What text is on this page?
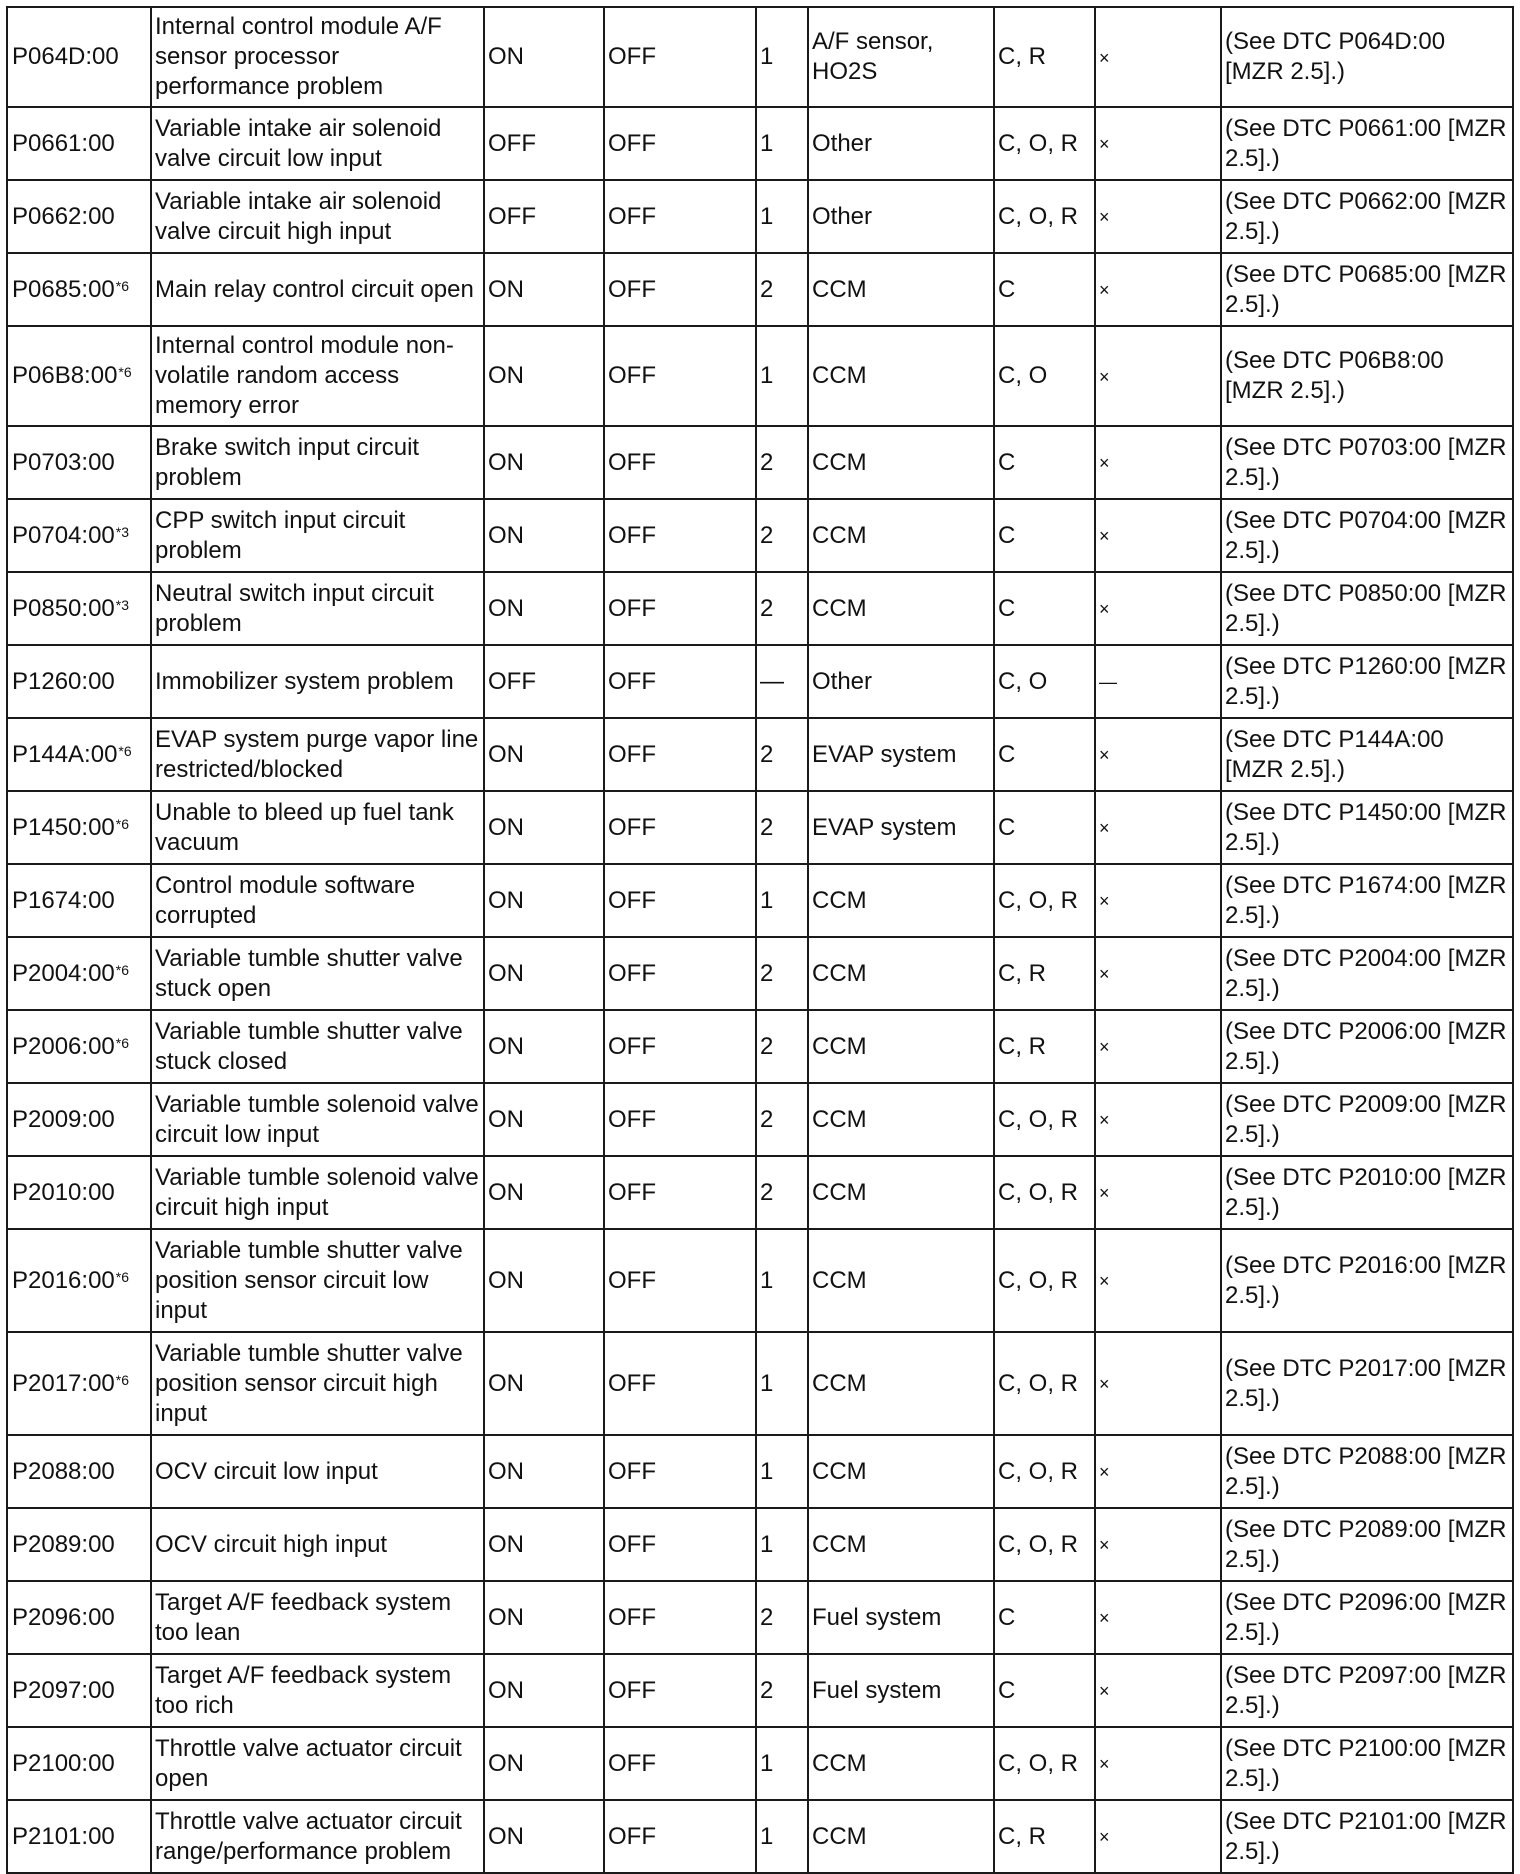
P064D:00	Internal control module A/F sensor processor performance problem	ON	OFF	1	A/F sensor, HO2S	C, R	×	(See DTC P064D:00 [MZR 2.5].)
P0661:00	Variable intake air solenoid valve circuit low input	OFF	OFF	1	Other	C, O, R	×	(See DTC P0661:00 [MZR 2.5].)
P0662:00	Variable intake air solenoid valve circuit high input	OFF	OFF	1	Other	C, O, R	×	(See DTC P0662:00 [MZR 2.5].)
P0685:00$^{*6}$	Main relay control circuit open	ON	OFF	2	CCM	C	×	(See DTC P0685:00 [MZR 2.5].)
P06B8:00$^{*6}$	Internal control module non-volatile random access memory error	ON	OFF	1	CCM	C, O	×	(See DTC P06B8:00 [MZR 2.5].)
P0703:00	Brake switch input circuit problem	ON	OFF	2	CCM	C	×	(See DTC P0703:00 [MZR 2.5].)
P0704:00$^{*3}$	CPP switch input circuit problem	ON	OFF	2	CCM	C	×	(See DTC P0704:00 [MZR 2.5].)
P0850:00$^{*3}$	Neutral switch input circuit problem	ON	OFF	2	CCM	C	×	(See DTC P0850:00 [MZR 2.5].)
P1260:00	Immobilizer system problem	OFF	OFF	—	Other	C, O	—	(See DTC P1260:00 [MZR 2.5].)
P144A:00$^{*6}$	EVAP system purge vapor line restricted/blocked	ON	OFF	2	EVAP system	C	×	(See DTC P144A:00 [MZR 2.5].)
P1450:00$^{*6}$	Unable to bleed up fuel tank vacuum	ON	OFF	2	EVAP system	C	×	(See DTC P1450:00 [MZR 2.5].)
P1674:00	Control module software corrupted	ON	OFF	1	CCM	C, O, R	×	(See DTC P1674:00 [MZR 2.5].)
P2004:00$^{*6}$	Variable tumble shutter valve stuck open	ON	OFF	2	CCM	C, R	×	(See DTC P2004:00 [MZR 2.5].)
P2006:00$^{*6}$	Variable tumble shutter valve stuck closed	ON	OFF	2	CCM	C, R	×	(See DTC P2006:00 [MZR 2.5].)
P2009:00	Variable tumble solenoid valve circuit low input	ON	OFF	2	CCM	C, O, R	×	(See DTC P2009:00 [MZR 2.5].)
P2010:00	Variable tumble solenoid valve circuit high input	ON	OFF	2	CCM	C, O, R	×	(See DTC P2010:00 [MZR 2.5].)
P2016:00$^{*6}$	Variable tumble shutter valve position sensor circuit low input	ON	OFF	1	CCM	C, O, R	×	(See DTC P2016:00 [MZR 2.5].)
P2017:00$^{*6}$	Variable tumble shutter valve position sensor circuit high input	ON	OFF	1	CCM	C, O, R	×	(See DTC P2017:00 [MZR 2.5].)
P2088:00	OCV circuit low input	ON	OFF	1	CCM	C, O, R	×	(See DTC P2088:00 [MZR 2.5].)
P2089:00	OCV circuit high input	ON	OFF	1	CCM	C, O, R	×	(See DTC P2089:00 [MZR 2.5].)
P2096:00	Target A/F feedback system too lean	ON	OFF	2	Fuel system	C	×	(See DTC P2096:00 [MZR 2.5].)
P2097:00	Target A/F feedback system too rich	ON	OFF	2	Fuel system	C	×	(See DTC P2097:00 [MZR 2.5].)
P2100:00	Throttle valve actuator circuit open	ON	OFF	1	CCM	C, O, R	×	(See DTC P2100:00 [MZR 2.5].)
P2101:00	Throttle valve actuator circuit range/performance problem	ON	OFF	1	CCM	C, R	×	(See DTC P2101:00 [MZR 2.5].)
